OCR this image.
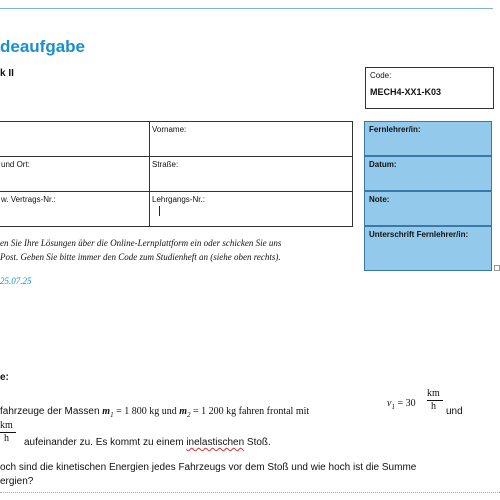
deaufgabe
k II	Code:
MECH4-XX1-K03
	Vorname:
und Ort:	Straße:
w. Vertrags-Nr.:	Lehrgangs-Nr.:

Fernlehrer/in:
Datum:
Note:
Unterschrift Fernlehrer/in:
en Sie Ihre Lösungen über die Online-Lernplattform ein oder schicken Sie uns
Post. Geben Sie bitte immer den Code zum Studienheft an (siehe oben rechts).
25.07.25
e:
fahrzeuge der Massen $m_1 = 1$ 800 kg und $m_2 = 1$ 200 kg fahren frontal mit
$v_1 = 30$
km
h und
km
h aufeinander zu. Es kommt zu einem inelastischen Stoß.
och sind die kinetischen Energien jedes Fahrzeugs vor dem Stoß und wie hoch ist die Summe
ergien?
